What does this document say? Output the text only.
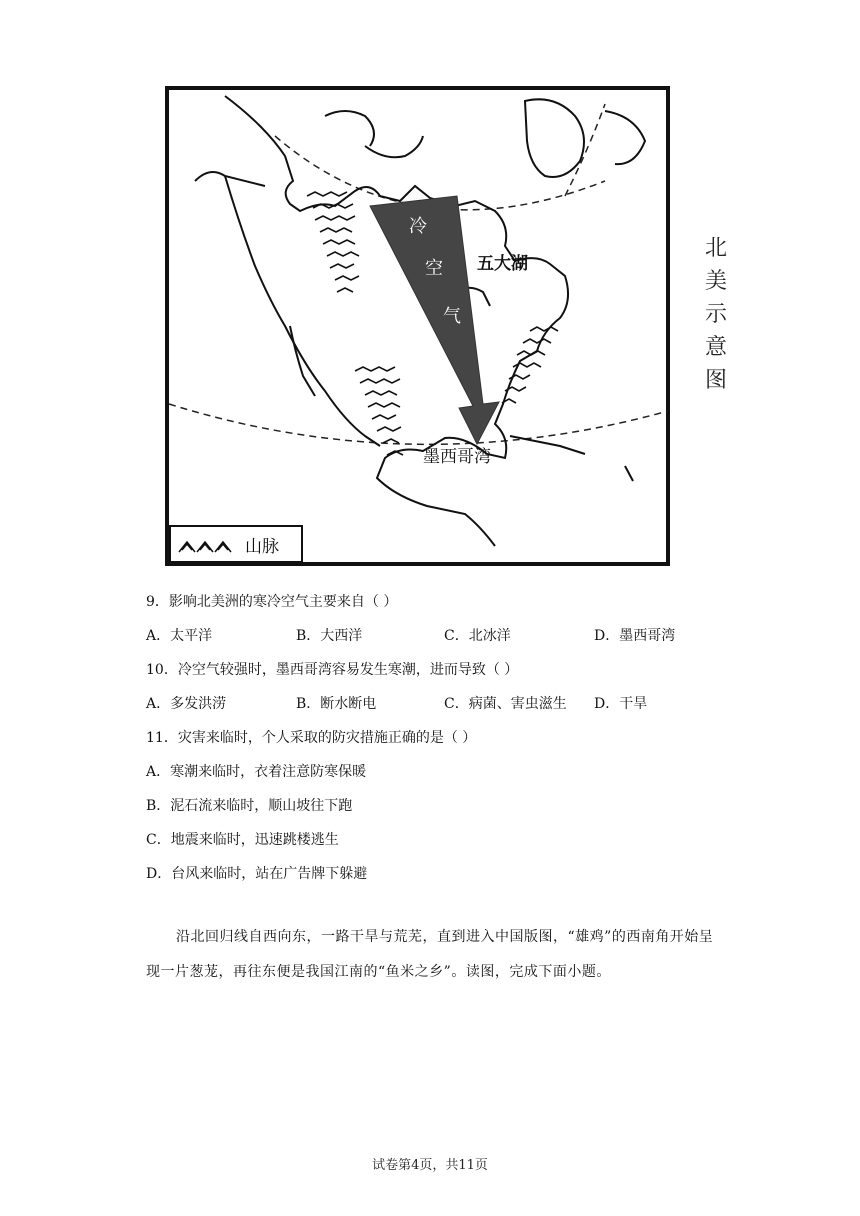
冷
空
气
五大湖
墨西哥湾
山脉
北
美
示
意
图
9．影响北美洲的寒冷空气主要来自（ ）
A．太平洋	B．大西洋	C．北冰洋	D．墨西哥湾
10．冷空气较强时，墨西哥湾容易发生寒潮，进而导致（ ）
A．多发洪涝	B．断水断电	C．病菌、害虫滋生 D．干旱
11．灾害来临时，个人采取的防灾措施正确的是（ ）
A．寒潮来临时，衣着注意防寒保暖
B．泥石流来临时，顺山坡往下跑
C．地震来临时，迅速跳楼逃生
D．台风来临时，站在广告牌下躲避
沿北回归线自西向东，一路干旱与荒芜，直到进入中国版图，“雄鸡”的西南角开始呈现一片葱茏，再往东便是我国江南的“鱼米之乡”。读图，完成下面小题。
试卷第4页，共11页
